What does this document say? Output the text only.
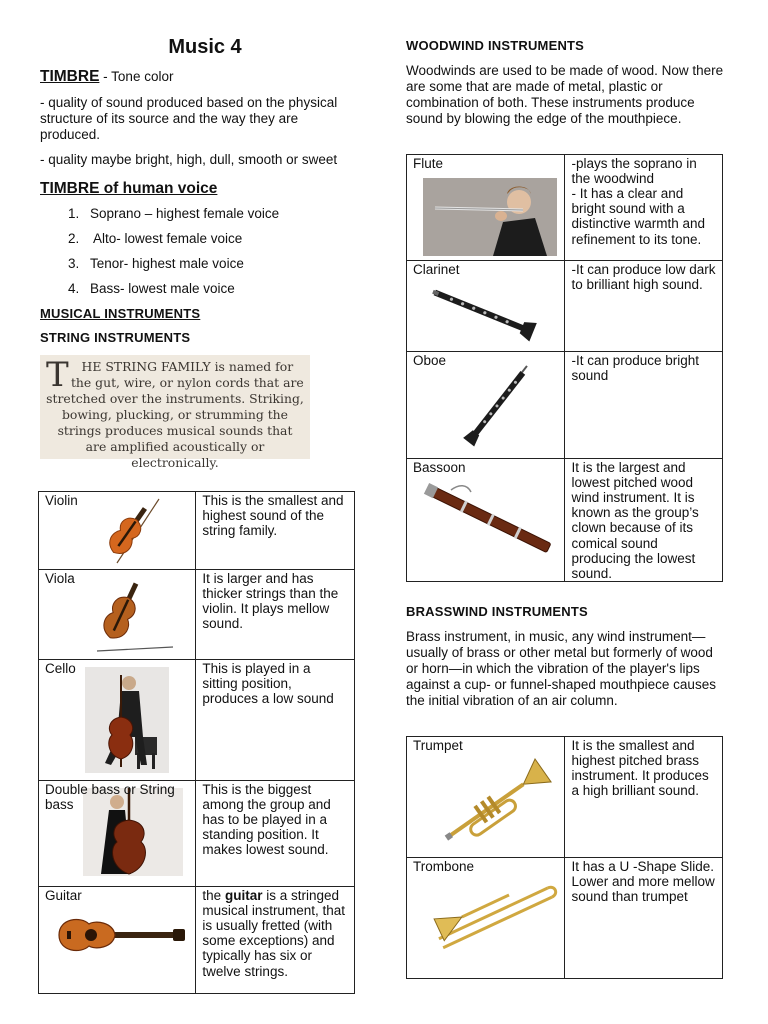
Music 4
TIMBRE - Tone color
- quality of sound produced based on the physical structure of its source and the way they are produced.
- quality maybe bright, high, dull, smooth or sweet
TIMBRE of human voice
1. Soprano – highest female voice
2. Alto- lowest female voice
3. Tenor- highest male voice
4. Bass- lowest male voice
MUSICAL INSTRUMENTS
STRING INSTRUMENTS
T HE STRING FAMILY is named for the gut, wire, or nylon cords that are stretched over the instruments. Striking, bowing, plucking, or strumming the strings produces musical sounds that are amplified acoustically or electronically.
Violin	This is the smallest and highest sound of the string family.

Viola	It is larger and has thicker strings than the violin. It plays mellow sound.

Cello	This is played in a sitting position, produces a low sound

Double bass or String bass	This is the biggest among the group and has to be played in a standing position. It makes lowest sound.

Guitar	the guitar is a stringed musical instrument, that is usually fretted (with some exceptions) and typically has six or twelve strings.
WOODWIND INSTRUMENTS
Woodwinds are used to be made of wood. Now there are some that are made of metal, plastic or combination of both. These instruments produce sound by blowing the edge of the mouthpiece.
Flute	-plays the soprano in the woodwind
- It has a clear and bright sound with a distinctive warmth and refinement to its tone.

Clarinet	-It can produce low dark to brilliant high sound.

Oboe	-It can produce bright sound

Bassoon	It is the largest and lowest pitched wood wind instrument. It is known as the group’s clown because of its comical sound producing the lowest sound.
BRASSWIND INSTRUMENTS
Brass instrument, in music, any wind instrument—usually of brass or other metal but formerly of wood or horn—in which the vibration of the player's lips against a cup- or funnel-shaped mouthpiece causes the initial vibration of an air column.
Trumpet	It is the smallest and highest pitched brass instrument. It produces a high brilliant sound.

Trombone	It has a U -Shape Slide. Lower and more mellow sound than trumpet
